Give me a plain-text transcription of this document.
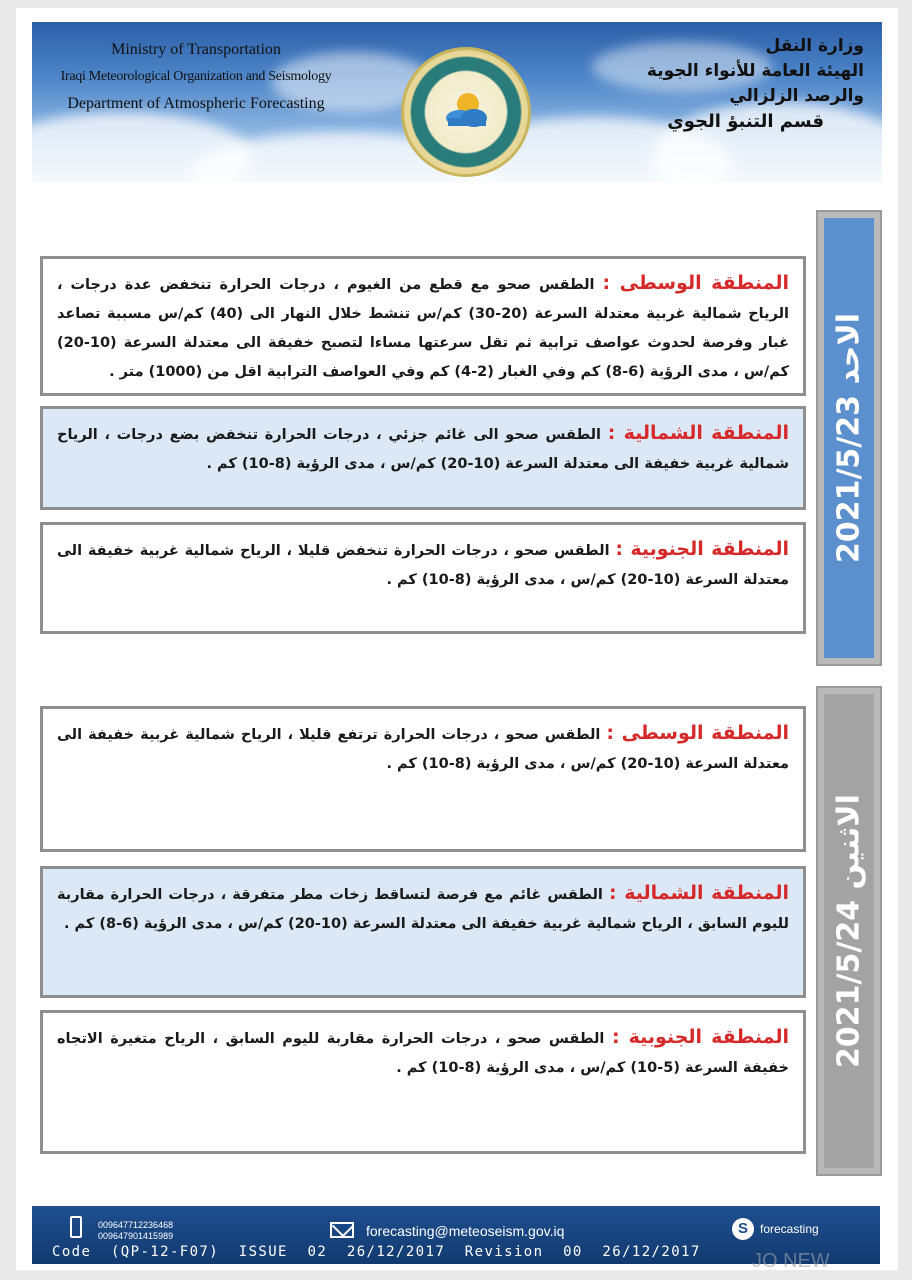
Ministry of Transportation
Iraqi Meteorological Organization and Seismology
Department of Atmospheric Forecasting
وزارة النقل
الهيئة العامة للأنواء الجوية والرصد الزلزالي
قسم التنبؤ الجوي
الاحد 2021/5/23
الاثنين 2021/5/24
المنطقة الوسطى : الطقس صحو مع قطع من الغيوم ، درجات الحرارة تنخفض عدة درجات ، الرياح شمالية غربية معتدلة السرعة (20-30) كم/س تنشط خلال النهار الى (40) كم/س مسببة تصاعد غبار وفرصة لحدوث عواصف ترابية ثم تقل سرعتها مساءا لتصبح خفيفة الى معتدلة السرعة (10-20) كم/س ، مدى الرؤية (6-8) كم وفي الغبار (2-4) كم وفي العواصف الترابية اقل من (1000) متر .
المنطقة الشمالية : الطقس صحو الى غائم جزئي ، درجات الحرارة تنخفض بضع درجات ، الرياح شمالية غربية خفيفة الى معتدلة السرعة (10-20) كم/س ، مدى الرؤية (8-10) كم .
المنطقة الجنوبية : الطقس صحو ، درجات الحرارة تنخفض قليلا ، الرياح شمالية غربية خفيفة الى معتدلة السرعة (10-20) كم/س ، مدى الرؤية (8-10) كم .
المنطقة الوسطى : الطقس صحو ، درجات الحرارة ترتفع قليلا ، الرياح شمالية غربية خفيفة الى معتدلة السرعة (10-20) كم/س ، مدى الرؤية (8-10) كم .
المنطقة الشمالية : الطقس غائم مع فرصة لتساقط زخات مطر متفرقة ، درجات الحرارة مقاربة لليوم السابق ، الرياح شمالية غربية خفيفة الى معتدلة السرعة (10-20) كم/س ، مدى الرؤية (6-8) كم .
المنطقة الجنوبية : الطقس صحو ، درجات الحرارة مقاربة لليوم السابق ، الرياح متغيرة الاتجاه خفيفة السرعة (5-10) كم/س ، مدى الرؤية (8-10) كم .
009647712236468
009647901415989	forecasting@meteoseism.gov.iq	S	forecasting
Code  (QP-12-F07)  ISSUE  02  26/12/2017  Revision  00  26/12/2017	JO NEW
